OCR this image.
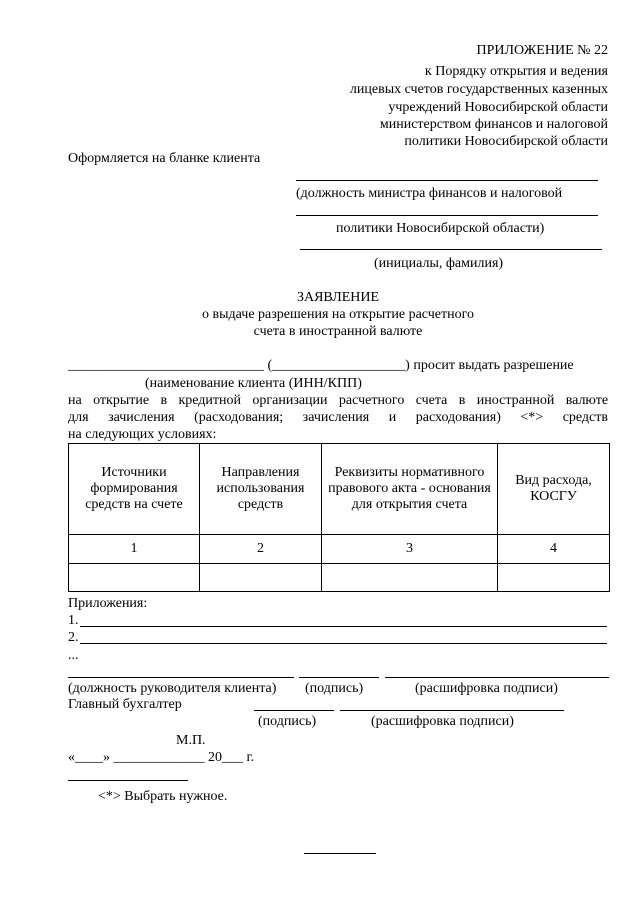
ПРИЛОЖЕНИЕ № 22
к Порядку открытия и ведения
лицевых счетов государственных казенных
учреждений Новосибирской области
министерством финансов и налоговой
политики Новосибирской области
Оформляется на бланке клиента
(должность министра финансов и налоговой
политики Новосибирской области)
(инициалы, фамилия)
ЗАЯВЛЕНИЕ
о выдаче разрешения на открытие расчетного
счета в иностранной валюте
____________________________ (___________________) просит выдать разрешение
(наименование клиента (ИНН/КПП)
на открытие в кредитной организации расчетного счета в иностранной валюте
для зачисления (расходования; зачисления и расходования) <*> средств
на следующих условиях:
Источники формирования средств на счете	Направления использования средств	Реквизиты нормативного правового акта - основания для открытия счета	Вид расхода, КОСГУ
1	2	3	4

Приложения:
1.
2.
...
(должность руководителя клиента) (подпись)	(расшифровка подписи)
Главный бухгалтер
(подпись)	(расшифровка подписи)
М.П.
«____» _____________ 20___ г.
<*> Выбрать нужное.
